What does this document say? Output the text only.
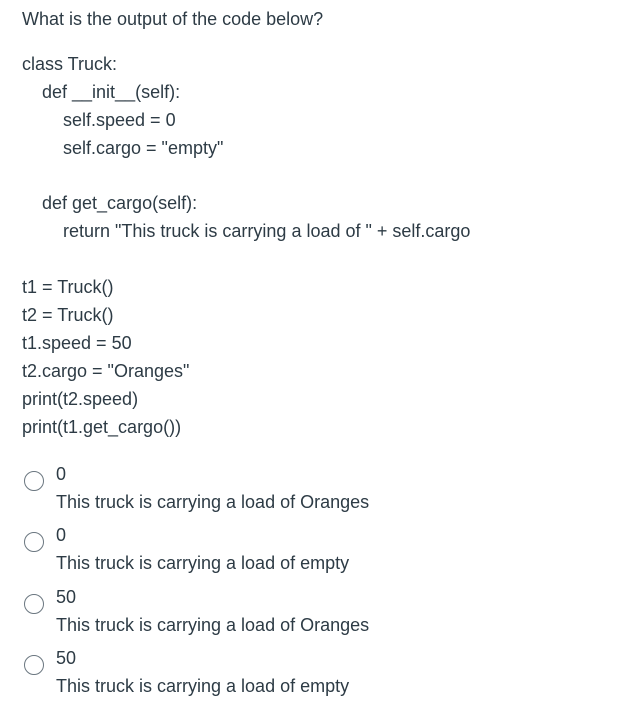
What is the output of the code below?
class Truck:
def __init__(self):
self.speed = 0
self.cargo = "empty"
def get_cargo(self):
return "This truck is carrying a load of " + self.cargo
t1 = Truck()
t2 = Truck()
t1.speed = 50
t2.cargo = "Oranges"
print(t2.speed)
print(t1.get_cargo())
0
This truck is carrying a load of Oranges
0
This truck is carrying a load of empty
50
This truck is carrying a load of Oranges
50
This truck is carrying a load of empty
